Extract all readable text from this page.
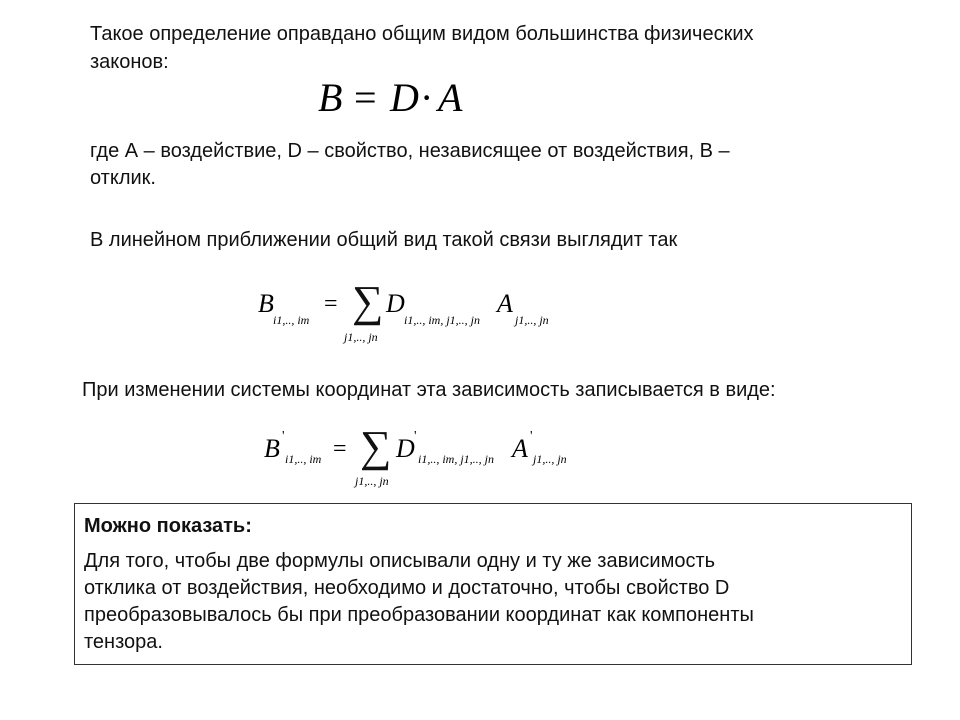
Такое определение оправдано общим видом большинства физических
законов:
B = D · A
где А – воздействие, D – свойство, независящее от воздействия, В –
отклик.
В линейном приближении общий вид такой связи выглядит так
B
i1,.., im
= ∑
j1,.., jn
D
i1,.., im, j1,.., jn
A
j1,.., jn
При изменении системы координат эта зависимость записывается в виде:
B '
i1,.., im = ∑
j1,.., jn
D '
i1,.., im, j1,.., jn A '
j1,.., jn
Можно показать:
Для того, чтобы две формулы описывали одну и ту же зависимость
отклика от воздействия, необходимо и достаточно, чтобы свойство D
преобразовывалось бы при преобразовании координат как компоненты
тензора.
